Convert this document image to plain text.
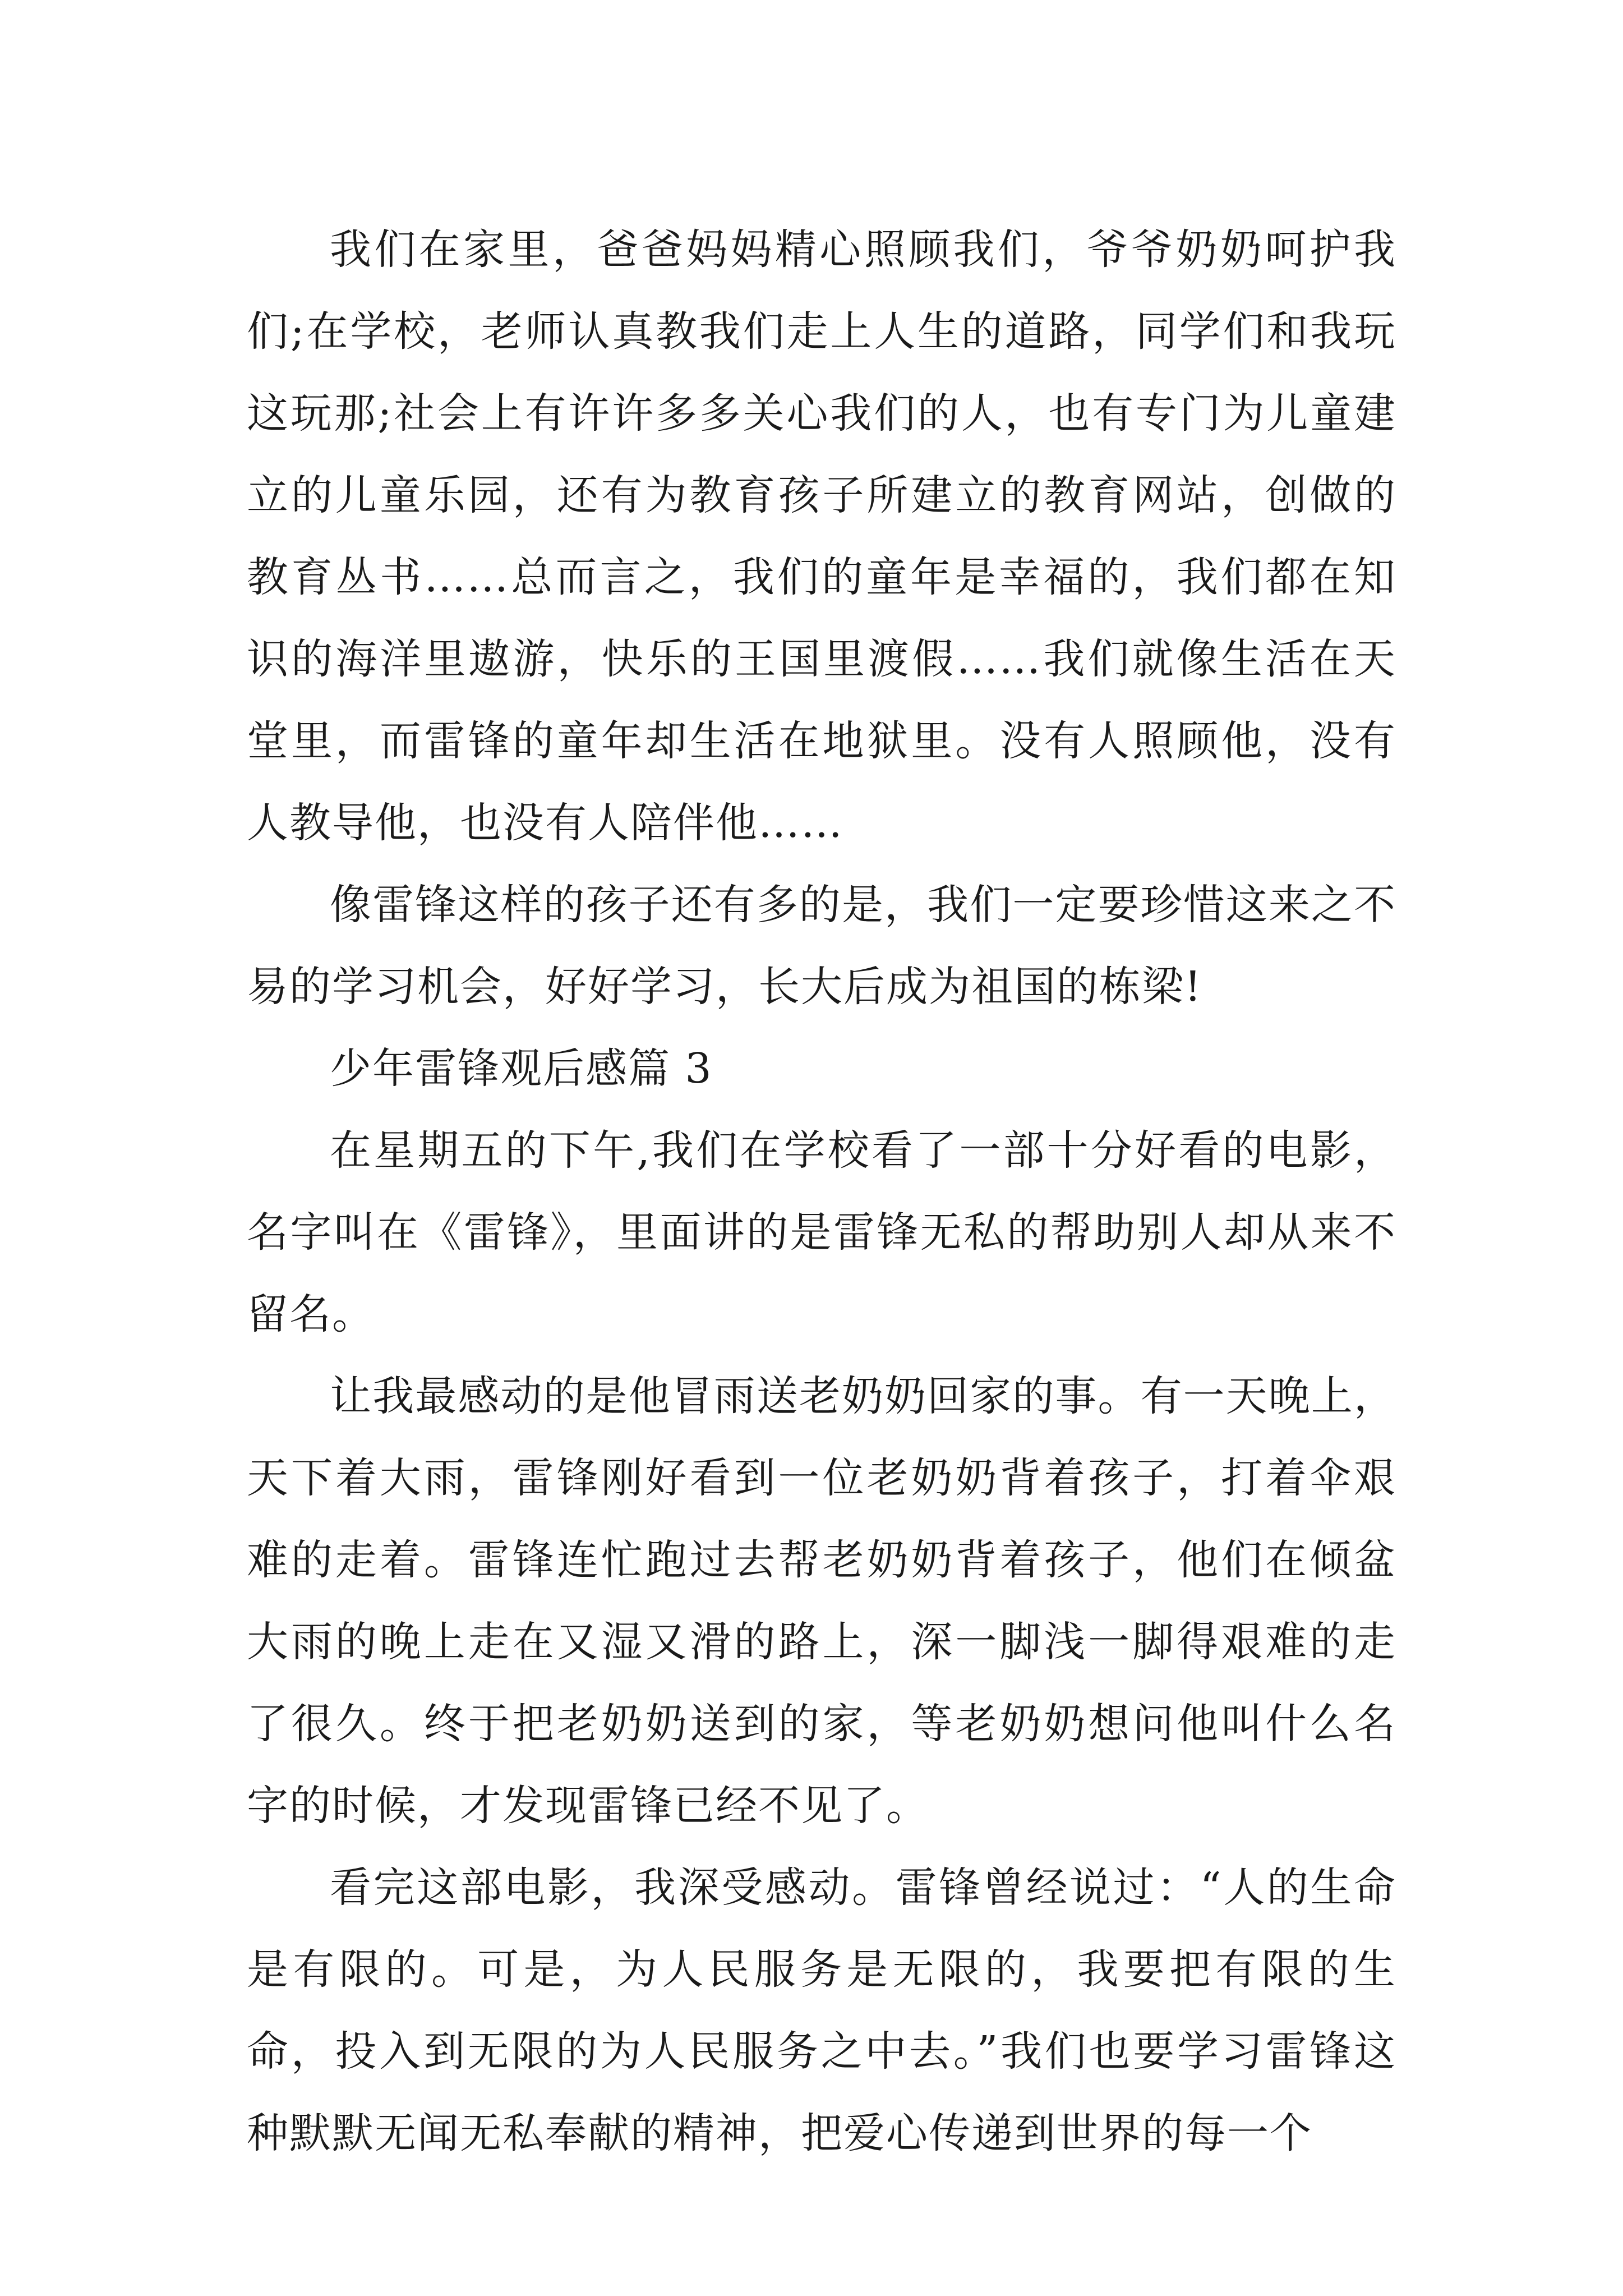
我们在家里，爸爸妈妈精心照顾我们，爷爷奶奶呵护我们;在学校，老师认真教我们走上人生的道路，同学们和我玩这玩那;社会上有许许多多关心我们的人，也有专门为儿童建立的儿童乐园，还有为教育孩子所建立的教育网站，创做的教育丛书……总而言之，我们的童年是幸福的，我们都在知识的海洋里遨游，快乐的王国里渡假……我们就像生活在天堂里，而雷锋的童年却生活在地狱里。没有人照顾他，没有人教导他，也没有人陪伴他……

像雷锋这样的孩子还有多的是，我们一定要珍惜这来之不易的学习机会，好好学习，长大后成为祖国的栋梁!

少年雷锋观后感篇 3

在星期五的下午,我们在学校看了一部十分好看的电影，名字叫在《雷锋》，里面讲的是雷锋无私的帮助别人却从来不留名。

让我最感动的是他冒雨送老奶奶回家的事。有一天晚上，天下着大雨，雷锋刚好看到一位老奶奶背着孩子，打着伞艰难的走着。雷锋连忙跑过去帮老奶奶背着孩子，他们在倾盆大雨的晚上走在又湿又滑的路上，深一脚浅一脚得艰难的走了很久。终于把老奶奶送到的家，等老奶奶想问他叫什么名字的时候，才发现雷锋已经不见了。

看完这部电影，我深受感动。雷锋曾经说过：“人的生命是有限的。可是，为人民服务是无限的，我要把有限的生命，投入到无限的为人民服务之中去。”我们也要学习雷锋这种默默无闻无私奉献的精神，把爱心传递到世界的每一个
